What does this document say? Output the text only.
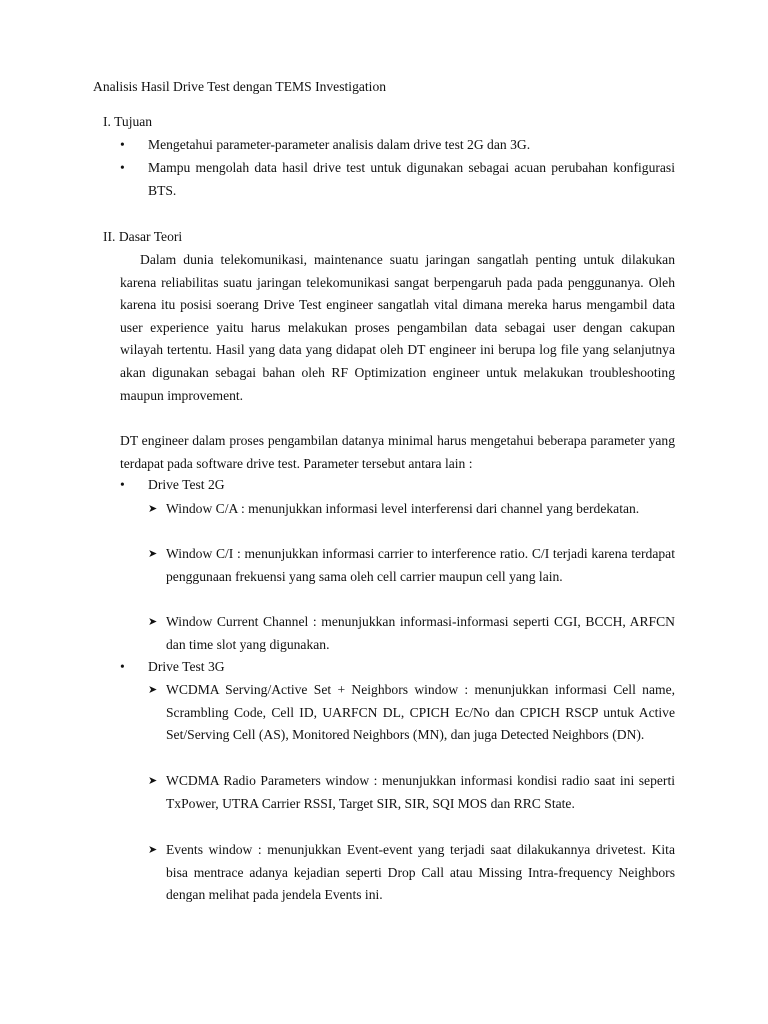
Analisis Hasil Drive Test dengan TEMS Investigation
I. Tujuan
•	Mengetahui parameter-parameter analisis dalam drive test 2G dan 3G.
•	Mampu mengolah data hasil drive test untuk digunakan sebagai acuan perubahan konfigurasi BTS.
II. Dasar Teori
Dalam dunia telekomunikasi, maintenance suatu jaringan sangatlah penting untuk dilakukan karena reliabilitas suatu jaringan telekomunikasi sangat berpengaruh pada pada penggunanya. Oleh karena itu posisi soerang Drive Test engineer sangatlah vital dimana mereka harus mengambil data user experience yaitu harus melakukan proses pengambilan data sebagai user dengan cakupan wilayah tertentu. Hasil yang data yang didapat oleh DT engineer ini berupa log file yang selanjutnya akan digunakan sebagai bahan oleh RF Optimization engineer untuk melakukan troubleshooting maupun improvement.
DT engineer dalam proses pengambilan datanya minimal harus mengetahui beberapa parameter yang terdapat pada software drive test. Parameter tersebut antara lain :
•	Drive Test 2G
➤ Window C/A : menunjukkan informasi level interferensi dari channel yang berdekatan.
➤ Window C/I : menunjukkan informasi carrier to interference ratio. C/I terjadi karena terdapat penggunaan frekuensi yang sama oleh cell carrier maupun cell yang lain.
➤ Window Current Channel : menunjukkan informasi-informasi seperti CGI, BCCH, ARFCN dan time slot yang digunakan.
•	Drive Test 3G
➤ WCDMA Serving/Active Set + Neighbors window : menunjukkan informasi Cell name, Scrambling Code, Cell ID, UARFCN DL, CPICH Ec/No dan CPICH RSCP untuk Active Set/Serving Cell (AS), Monitored Neighbors (MN), dan juga Detected Neighbors (DN).
➤ WCDMA Radio Parameters window : menunjukkan informasi kondisi radio saat ini seperti TxPower, UTRA Carrier RSSI, Target SIR, SIR, SQI MOS dan RRC State.
➤ Events window : menunjukkan Event-event yang terjadi saat dilakukannya drivetest. Kita bisa mentrace adanya kejadian seperti Drop Call atau Missing Intra-frequency Neighbors dengan melihat pada jendela Events ini.
